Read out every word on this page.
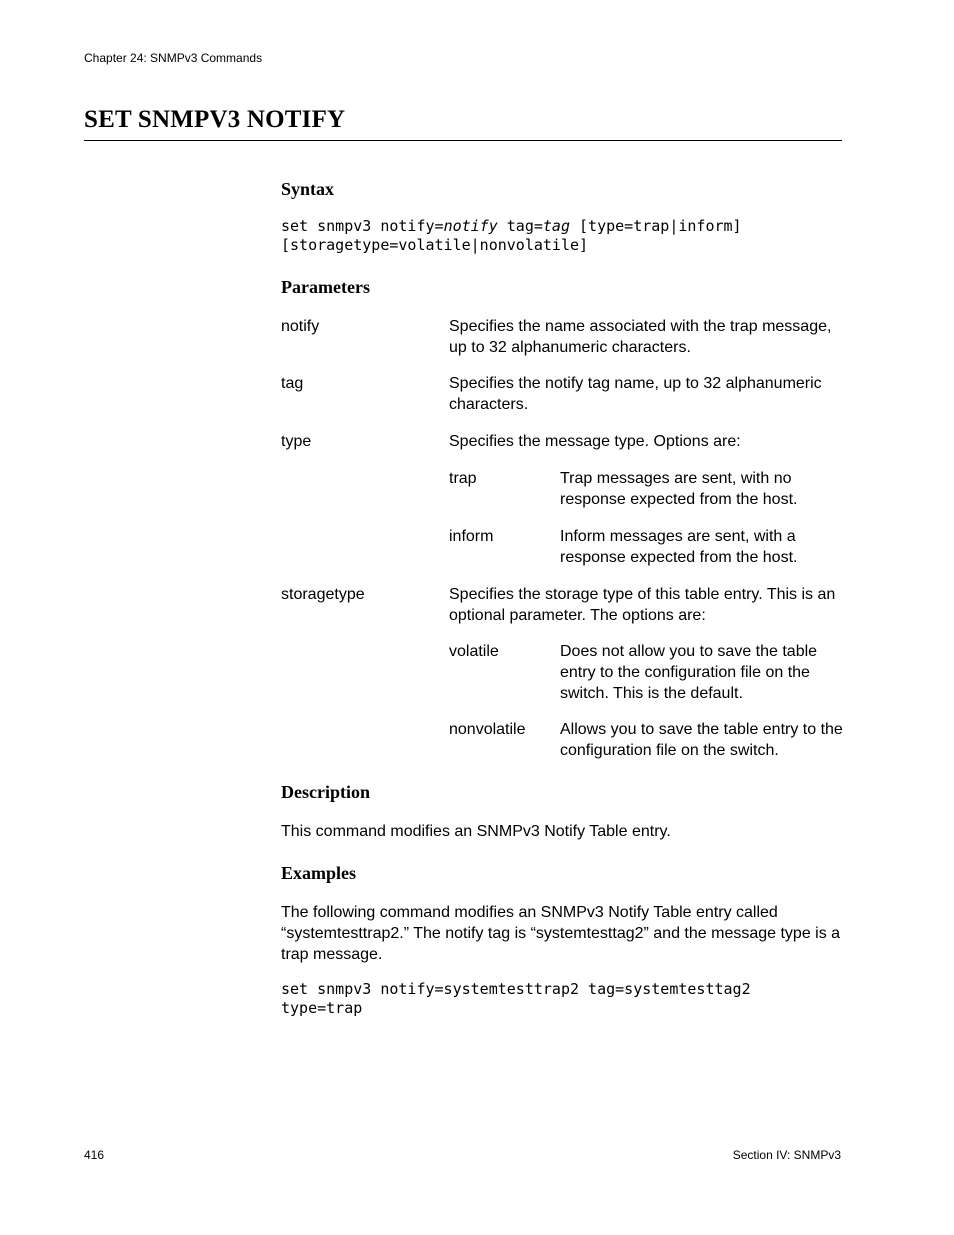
Chapter 24: SNMPv3 Commands
SET SNMPV3 NOTIFY
Syntax
set snmpv3 notify=notify tag=tag [type=trap|inform]
[storagetype=volatile|nonvolatile]
Parameters
notify	Specifies the name associated with the trap message, up to 32 alphanumeric characters.
tag	Specifies the notify tag name, up to 32 alphanumeric characters.
type	Specifies the message type. Options are:
trap	Trap messages are sent, with no response expected from the host.
inform	Inform messages are sent, with a response expected from the host.
storagetype	Specifies the storage type of this table entry. This is an optional parameter. The options are:
volatile	Does not allow you to save the table entry to the configuration file on the switch. This is the default.
nonvolatile Allows you to save the table entry to the configuration file on the switch.
Description
This command modifies an SNMPv3 Notify Table entry.
Examples
The following command modifies an SNMPv3 Notify Table entry called “systemtesttrap2.” The notify tag is “systemtesttag2” and the message type is a trap message.
set snmpv3 notify=systemtesttrap2 tag=systemtesttag2
type=trap
416	Section IV: SNMPv3
